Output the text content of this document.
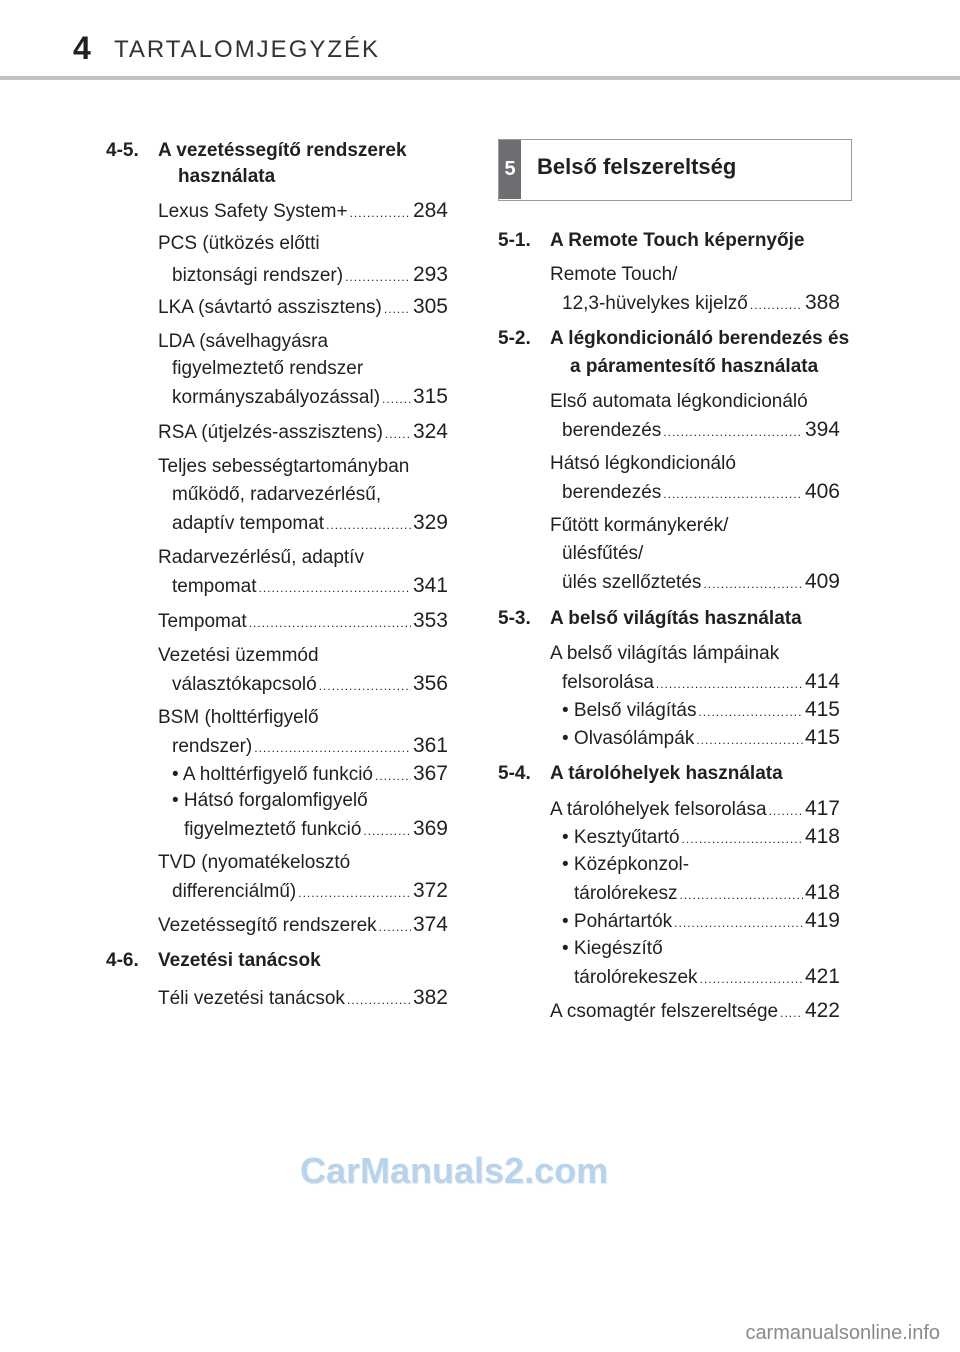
4 TARTALOMJEGYZÉK
4-5. A vezetéssegítő rendszerek
használata
Lexus Safety System+ .....	284
PCS (ütközés előtti
biztonsági rendszer) .....	293
LKA (sávtartó asszisztens) ..... 305
LDA (sávelhagyásra
figyelmeztető rendszer
kormányszabályozással) ..... 315
RSA (útjelzés-asszisztens) ..... 324
Teljes sebességtartományban
működő, radarvezérlésű,
adaptív tempomat .....	329
Radarvezérlésű, adaptív
tempomat .....	341
Tempomat .....	353
Vezetési üzemmód
választókapcsoló .....	356
BSM (holttérfigyelő
rendszer) .....	361
• A holttérfigyelő funkció ..... 367
• Hátsó forgalomfigyelő
figyelmeztető funkció ..... 369
TVD (nyomatékelosztó
differenciálmű) .....	372
Vezetéssegítő rendszerek ..... 374
4-6. Vezetési tanácsok
Téli vezetési tanácsok .....	382
5 Belső felszereltség
5-1. A Remote Touch képernyője
Remote Touch/
12,3-hüvelykes kijelző .....	388
5-2. A légkondicionáló berendezés és
a páramentesítő használata
Első automata légkondicionáló
berendezés .....	394
Hátsó légkondicionáló
berendezés .....	406
Fűtött kormánykerék/
ülésfűtés/
ülés szellőztetés .....	409
5-3. A belső világítás használata
A belső világítás lámpáinak
felsorolása .....	414
• Belső világítás .....	415
• Olvasólámpák .....	415
5-4. A tárolóhelyek használata
A tárolóhelyek felsorolása ..... 417
• Kesztyűtartó .....	418
• Középkonzol-
tárolórekesz .....	418
• Pohártartók .....	419
• Kiegészítő
tárolórekeszek .....	421
A csomagtér felszereltsége ..... 422
CarManuals2.com
carmanualsonline.info
